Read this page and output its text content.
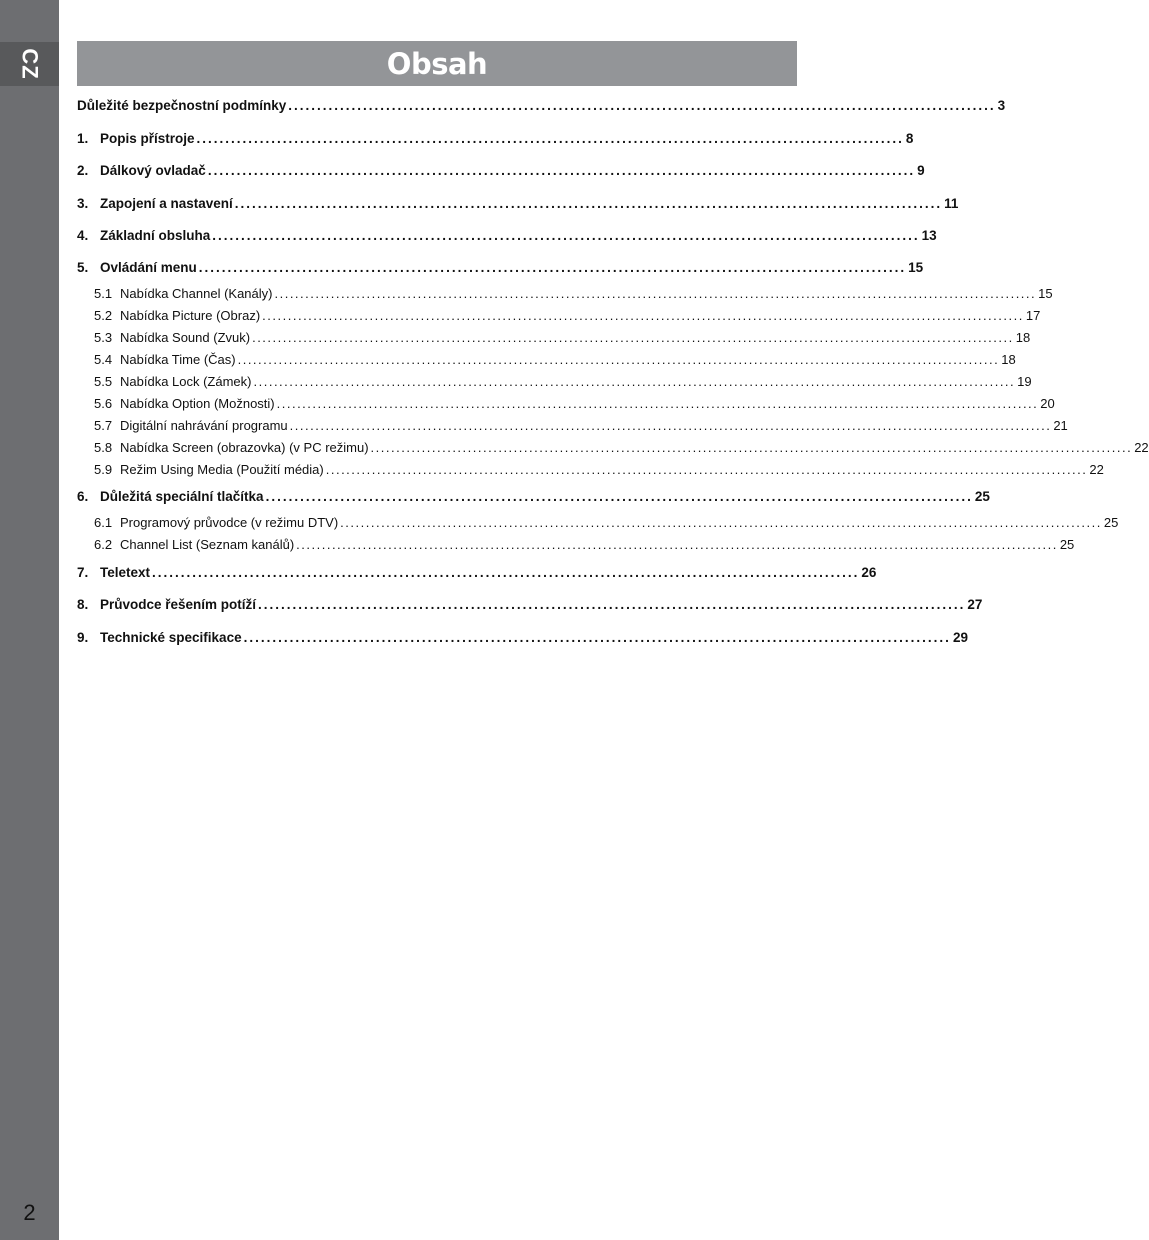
CZ
2
Obsah
Důležité bezpečnostní podmínky ........................................................................................................................... 3
1. Popis přístroje ........................................................................................................................... 8
2. Dálkový ovladač ........................................................................................................................... 9
3. Zapojení a nastavení ........................................................................................................................... 11
4. Základní obsluha ........................................................................................................................... 13
5. Ovládání menu ........................................................................................................................... 15
5.1 Nabídka Channel (Kanály) ..................................................................................................................................................... 15
5.2 Nabídka Picture (Obraz) ..................................................................................................................................................... 17
5.3 Nabídka Sound (Zvuk) ..................................................................................................................................................... 18
5.4 Nabídka Time (Čas) ..................................................................................................................................................... 18
5.5 Nabídka Lock (Zámek) ..................................................................................................................................................... 19
5.6 Nabídka Option (Možnosti) ..................................................................................................................................................... 20
5.7 Digitální nahrávání programu ..................................................................................................................................................... 21
5.8 Nabídka Screen (obrazovka) (v PC režimu) ..................................................................................................................................................... 22
5.9 Režim Using Media (Použití média) ..................................................................................................................................................... 22
6. Důležitá speciální tlačítka ........................................................................................................................... 25
6.1 Programový průvodce (v režimu DTV) ..................................................................................................................................................... 25
6.2 Channel List (Seznam kanálů) ..................................................................................................................................................... 25
7. Teletext ........................................................................................................................... 26
8. Průvodce řešením potíží ........................................................................................................................... 27
9. Technické specifikace ........................................................................................................................... 29
